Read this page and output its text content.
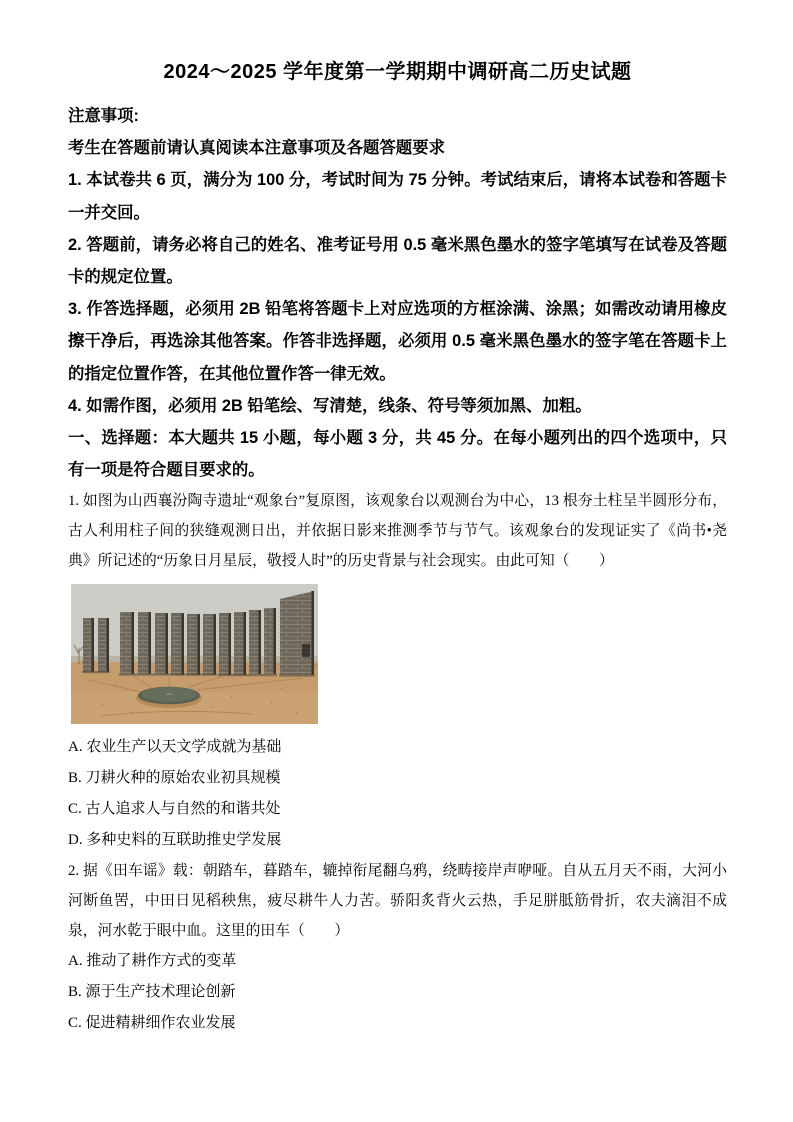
2024～2025 学年度第一学期期中调研高二历史试题

注意事项:

考生在答题前请认真阅读本注意事项及各题答题要求

1. 本试卷共 6 页，满分为 100 分，考试时间为 75 分钟。考试结束后，请将本试卷和答题卡一并交回。

2. 答题前，请务必将自己的姓名、准考证号用 0.5 毫米黑色墨水的签字笔填写在试卷及答题卡的规定位置。

3. 作答选择题，必须用 2B 铅笔将答题卡上对应选项的方框涂满、涂黑；如需改动请用橡皮擦干净后，再选涂其他答案。作答非选择题，必须用 0.5 毫米黑色墨水的签字笔在答题卡上的指定位置作答，在其他位置作答一律无效。

4. 如需作图，必须用 2B 铅笔绘、写清楚，线条、符号等须加黑、加粗。

一、选择题：本大题共 15 小题，每小题 3 分，共 45 分。在每小题列出的四个选项中，只有一项是符合题目要求的。

1. 如图为山西襄汾陶寺遗址“观象台”复原图，该观象台以观测台为中心，13 根夯土柱呈半圆形分布，古人利用柱子间的狭缝观测日出，并依据日影来推测季节与节气。该观象台的发现证实了《尚书•尧典》所记述的“历象日月星辰，敬授人时”的历史背景与社会现实。由此可知（　　）

A. 农业生产以天文学成就为基础

B. 刀耕火种的原始农业初具规模

C. 古人追求人与自然的和谐共处

D. 多种史料的互联助推史学发展

2. 据《田车谣》载：朝踏车，暮踏车，辘掉衔尾翻乌鸦，绕畴接岸声咿哑。自从五月天不雨，大河小河断鱼罟，中田日见稻秧焦，疲尽耕牛人力苦。骄阳炙背火云热，手足胼胝筋骨折，农夫滴泪不成泉，河水乾于眼中血。这里的田车（　　）

A. 推动了耕作方式的变革

B. 源于生产技术理论创新

C. 促进精耕细作农业发展
